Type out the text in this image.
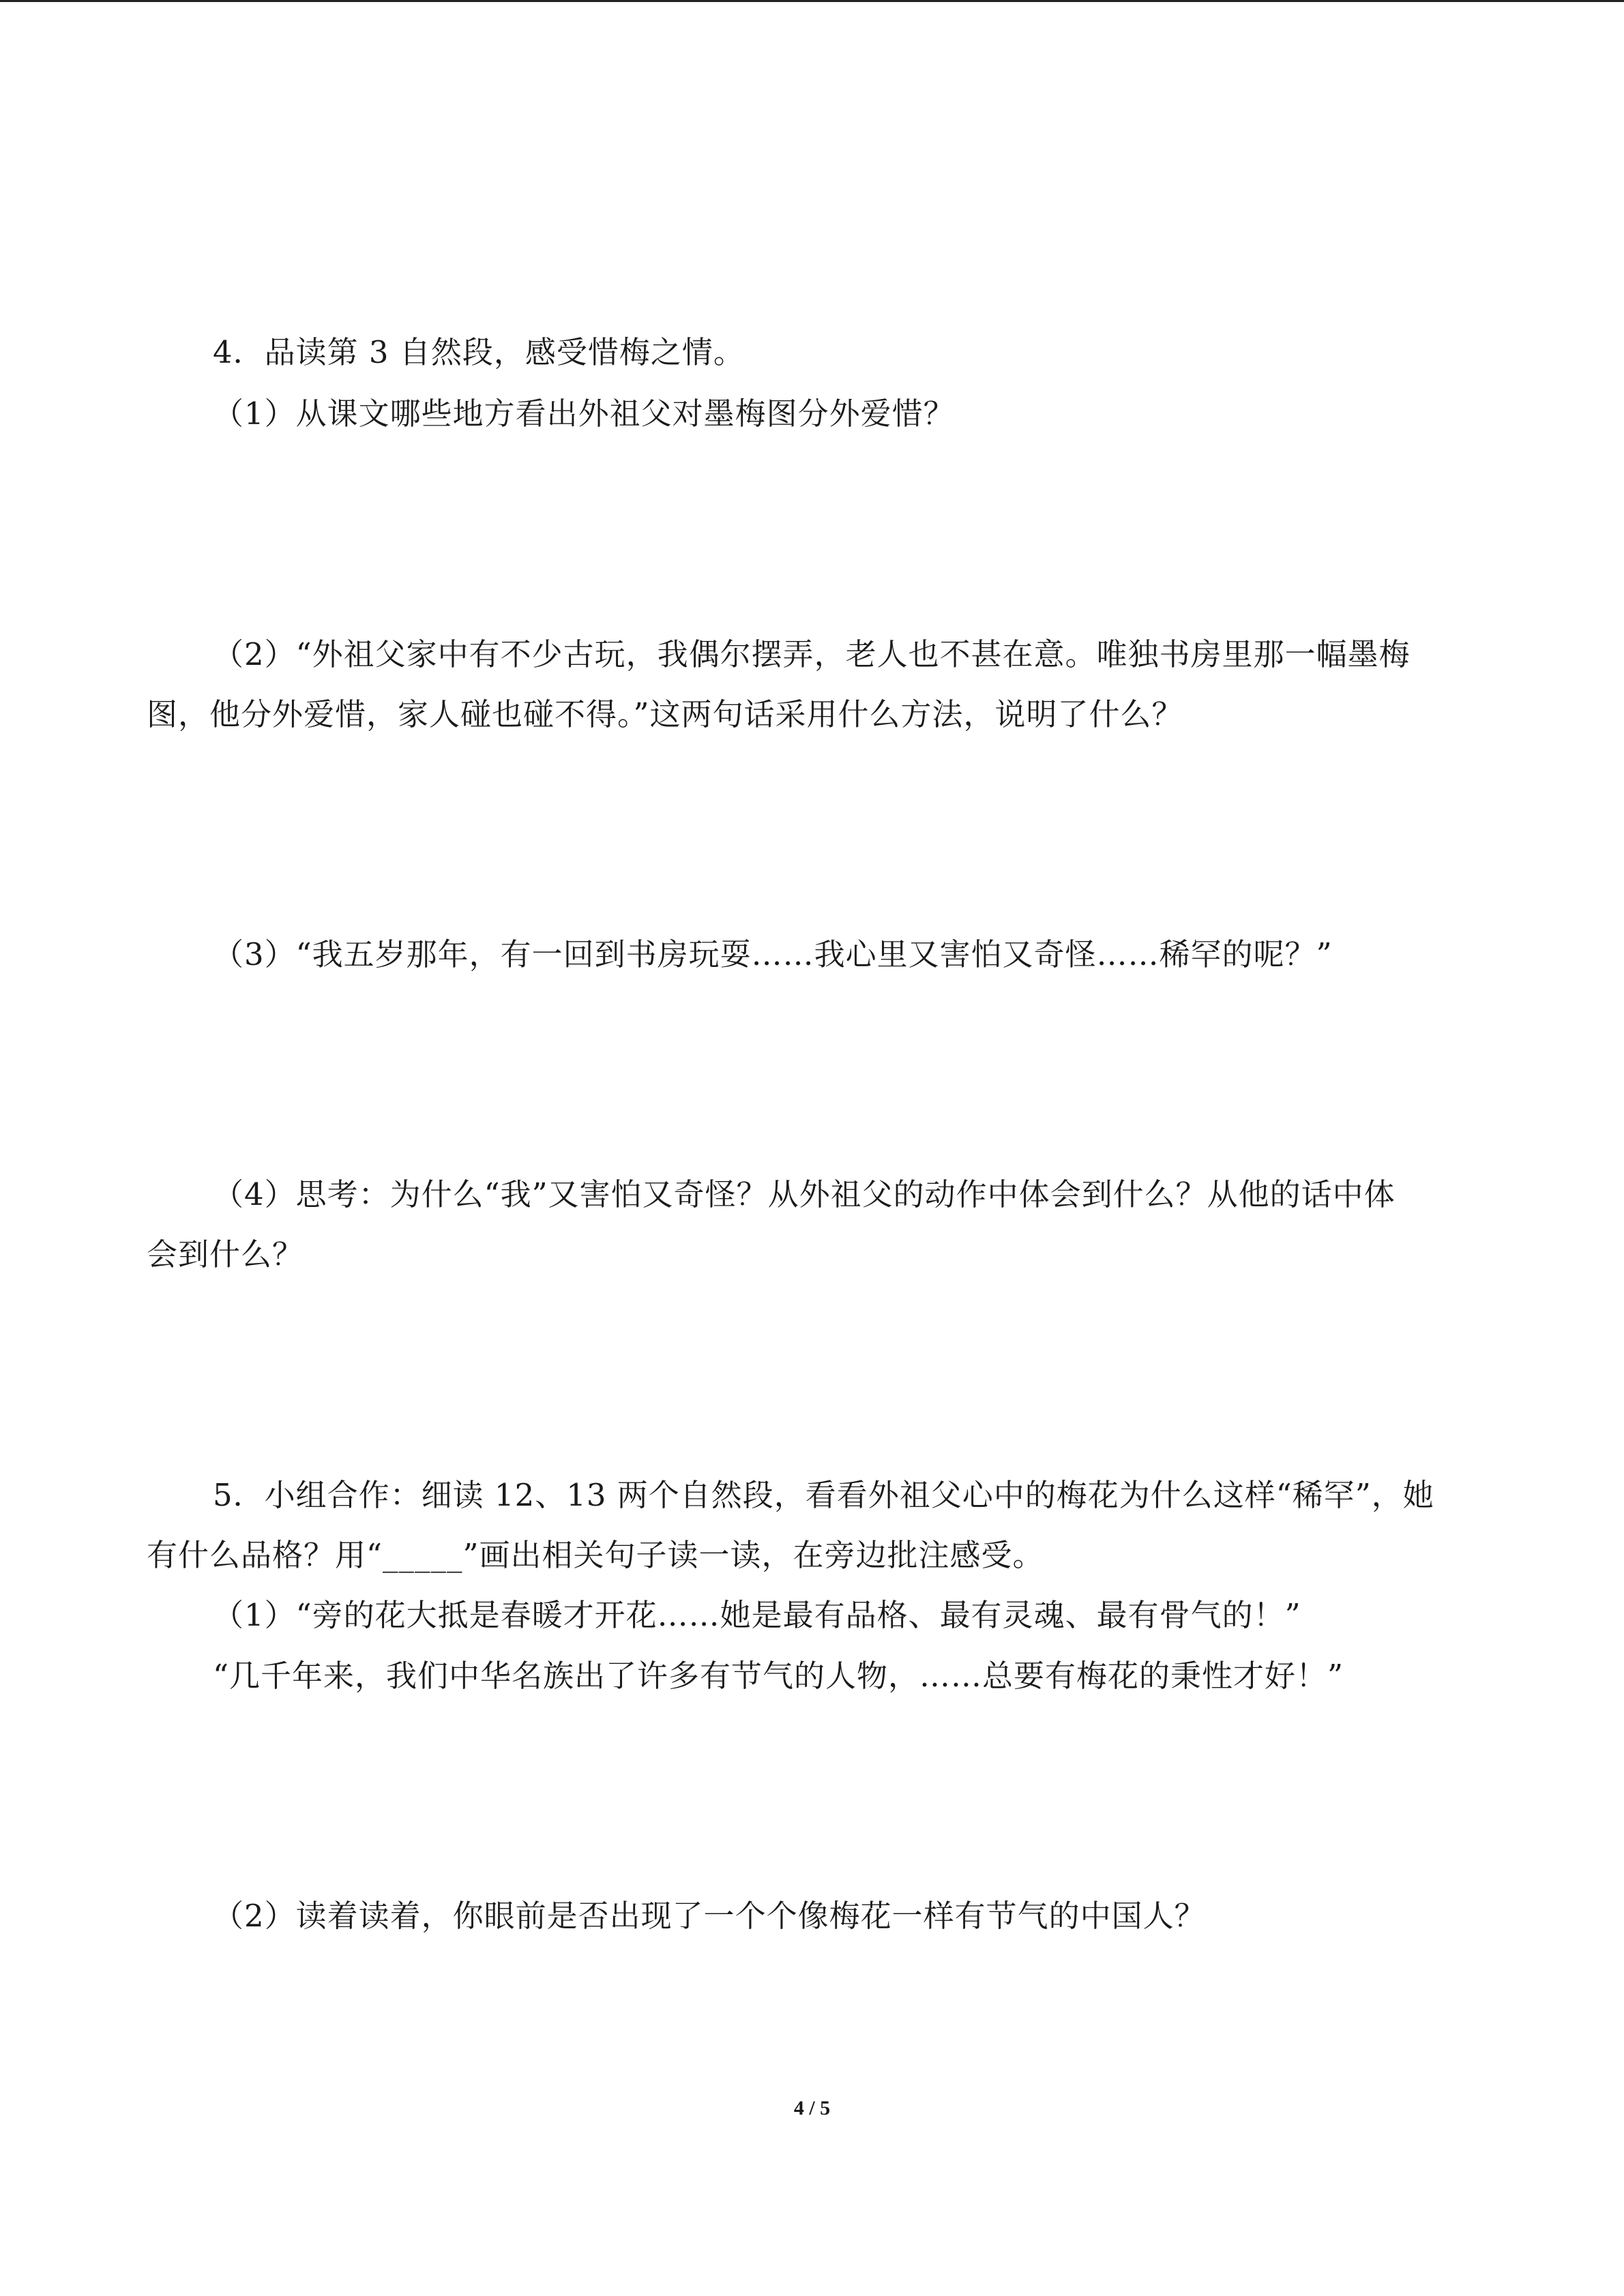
4．品读第 3 自然段，感受惜梅之情。
（1）从课文哪些地方看出外祖父对墨梅图分外爱惜？
（2）“外祖父家中有不少古玩，我偶尔摆弄，老人也不甚在意。唯独书房里那一幅墨梅
图，他分外爱惜，家人碰也碰不得。”这两句话采用什么方法，说明了什么？
（3）“我五岁那年，有一回到书房玩耍……我心里又害怕又奇怪……稀罕的呢？”
（4）思考：为什么“我”又害怕又奇怪？从外祖父的动作中体会到什么？从他的话中体
会到什么？
5．小组合作：细读 12、13 两个自然段，看看外祖父心中的梅花为什么这样“稀罕”，她
有什么品格？用“_____”画出相关句子读一读，在旁边批注感受。
（1）“旁的花大抵是春暖才开花……她是最有品格、最有灵魂、最有骨气的！”
“几千年来，我们中华名族出了许多有节气的人物，……总要有梅花的秉性才好！”
（2）读着读着，你眼前是否出现了一个个像梅花一样有节气的中国人？
4 / 5
